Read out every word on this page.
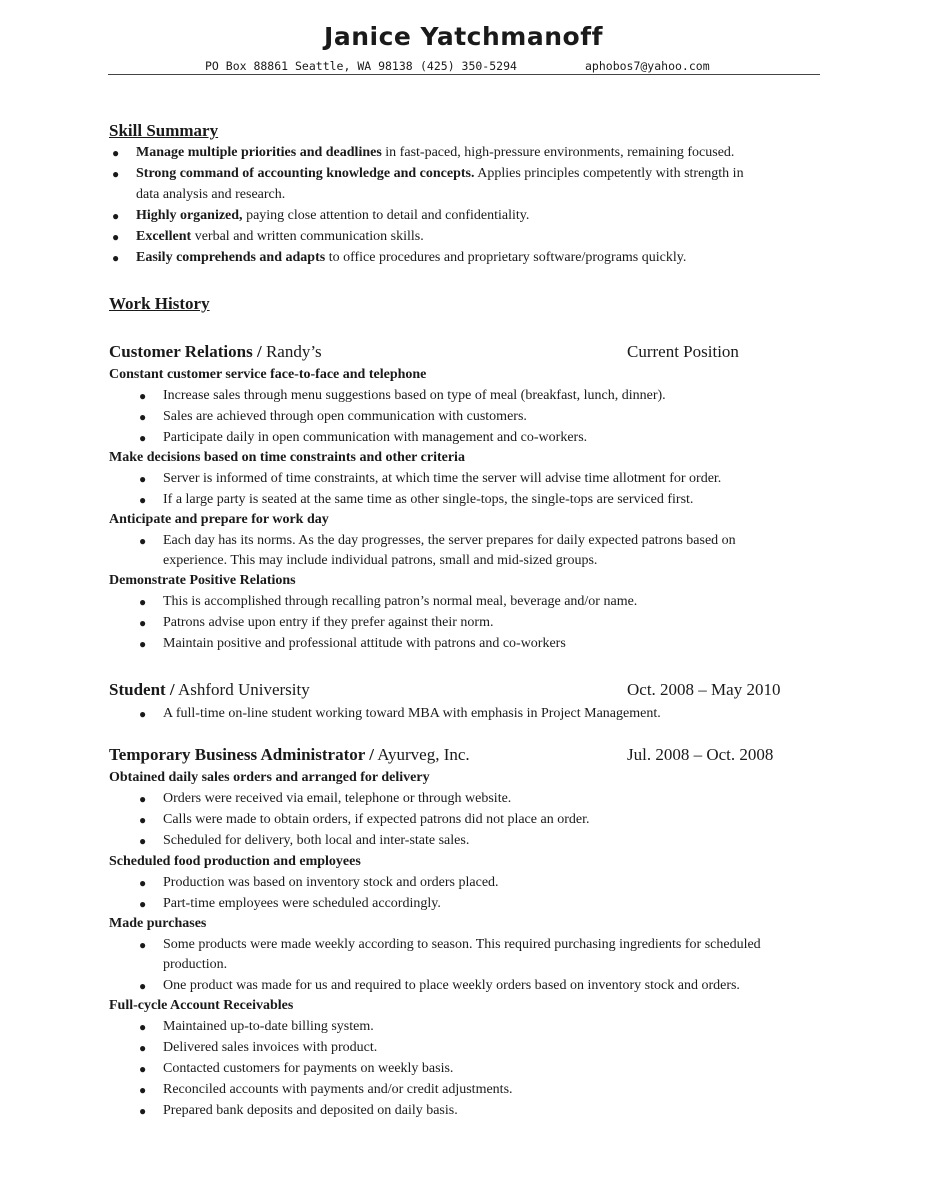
Janice Yatchmanoff

PO Box 88861 Seattle, WA 98138

(425) 350-5294

	aphobos7@yahoo.com

Skill Summary
● Manage multiple priorities and deadlines in fast-paced, high-pressure environments, remaining focused.
● Strong command of accounting knowledge and concepts. Applies principles competently with strength in
data analysis and research.
● Highly organized, paying close attention to detail and confidentiality.
● Excellent verbal and written communication skills.
● Easily comprehends and adapts to office procedures and proprietary software/programs quickly.
Work History
Customer Relations / Randy’s	Current Position
Constant customer service face-to-face and telephone
● Increase sales through menu suggestions based on type of meal (breakfast, lunch, dinner).
● Sales are achieved through open communication with customers.
● Participate daily in open communication with management and co-workers.
Make decisions based on time constraints and other criteria
● Server is informed of time constraints, at which time the server will advise time allotment for order.
● If a large party is seated at the same time as other single-tops, the single-tops are serviced first.
Anticipate and prepare for work day
● Each day has its norms. As the day progresses, the server prepares for daily expected patrons based on
experience. This may include individual patrons, small and mid-sized groups.
Demonstrate Positive Relations
● This is accomplished through recalling patron’s normal meal, beverage and/or name.
● Patrons advise upon entry if they prefer against their norm.
● Maintain positive and professional attitude with patrons and co-workers
Student / Ashford University	Oct. 2008 – May 2010
● A full-time on-line student working toward MBA with emphasis in Project Management.
Temporary Business Administrator / Ayurveg, Inc.	Jul. 2008 – Oct. 2008
Obtained daily sales orders and arranged for delivery
● Orders were received via email, telephone or through website.
● Calls were made to obtain orders, if expected patrons did not place an order.
● Scheduled for delivery, both local and inter-state sales.
Scheduled food production and employees
● Production was based on inventory stock and orders placed.
● Part-time employees were scheduled accordingly.
Made purchases
● Some products were made weekly according to season. This required purchasing ingredients for scheduled
production.
● One product was made for us and required to place weekly orders based on inventory stock and orders.
Full-cycle Account Receivables
● Maintained up-to-date billing system.
● Delivered sales invoices with product.
● Contacted customers for payments on weekly basis.
● Reconciled accounts with payments and/or credit adjustments.
● Prepared bank deposits and deposited on daily basis.
